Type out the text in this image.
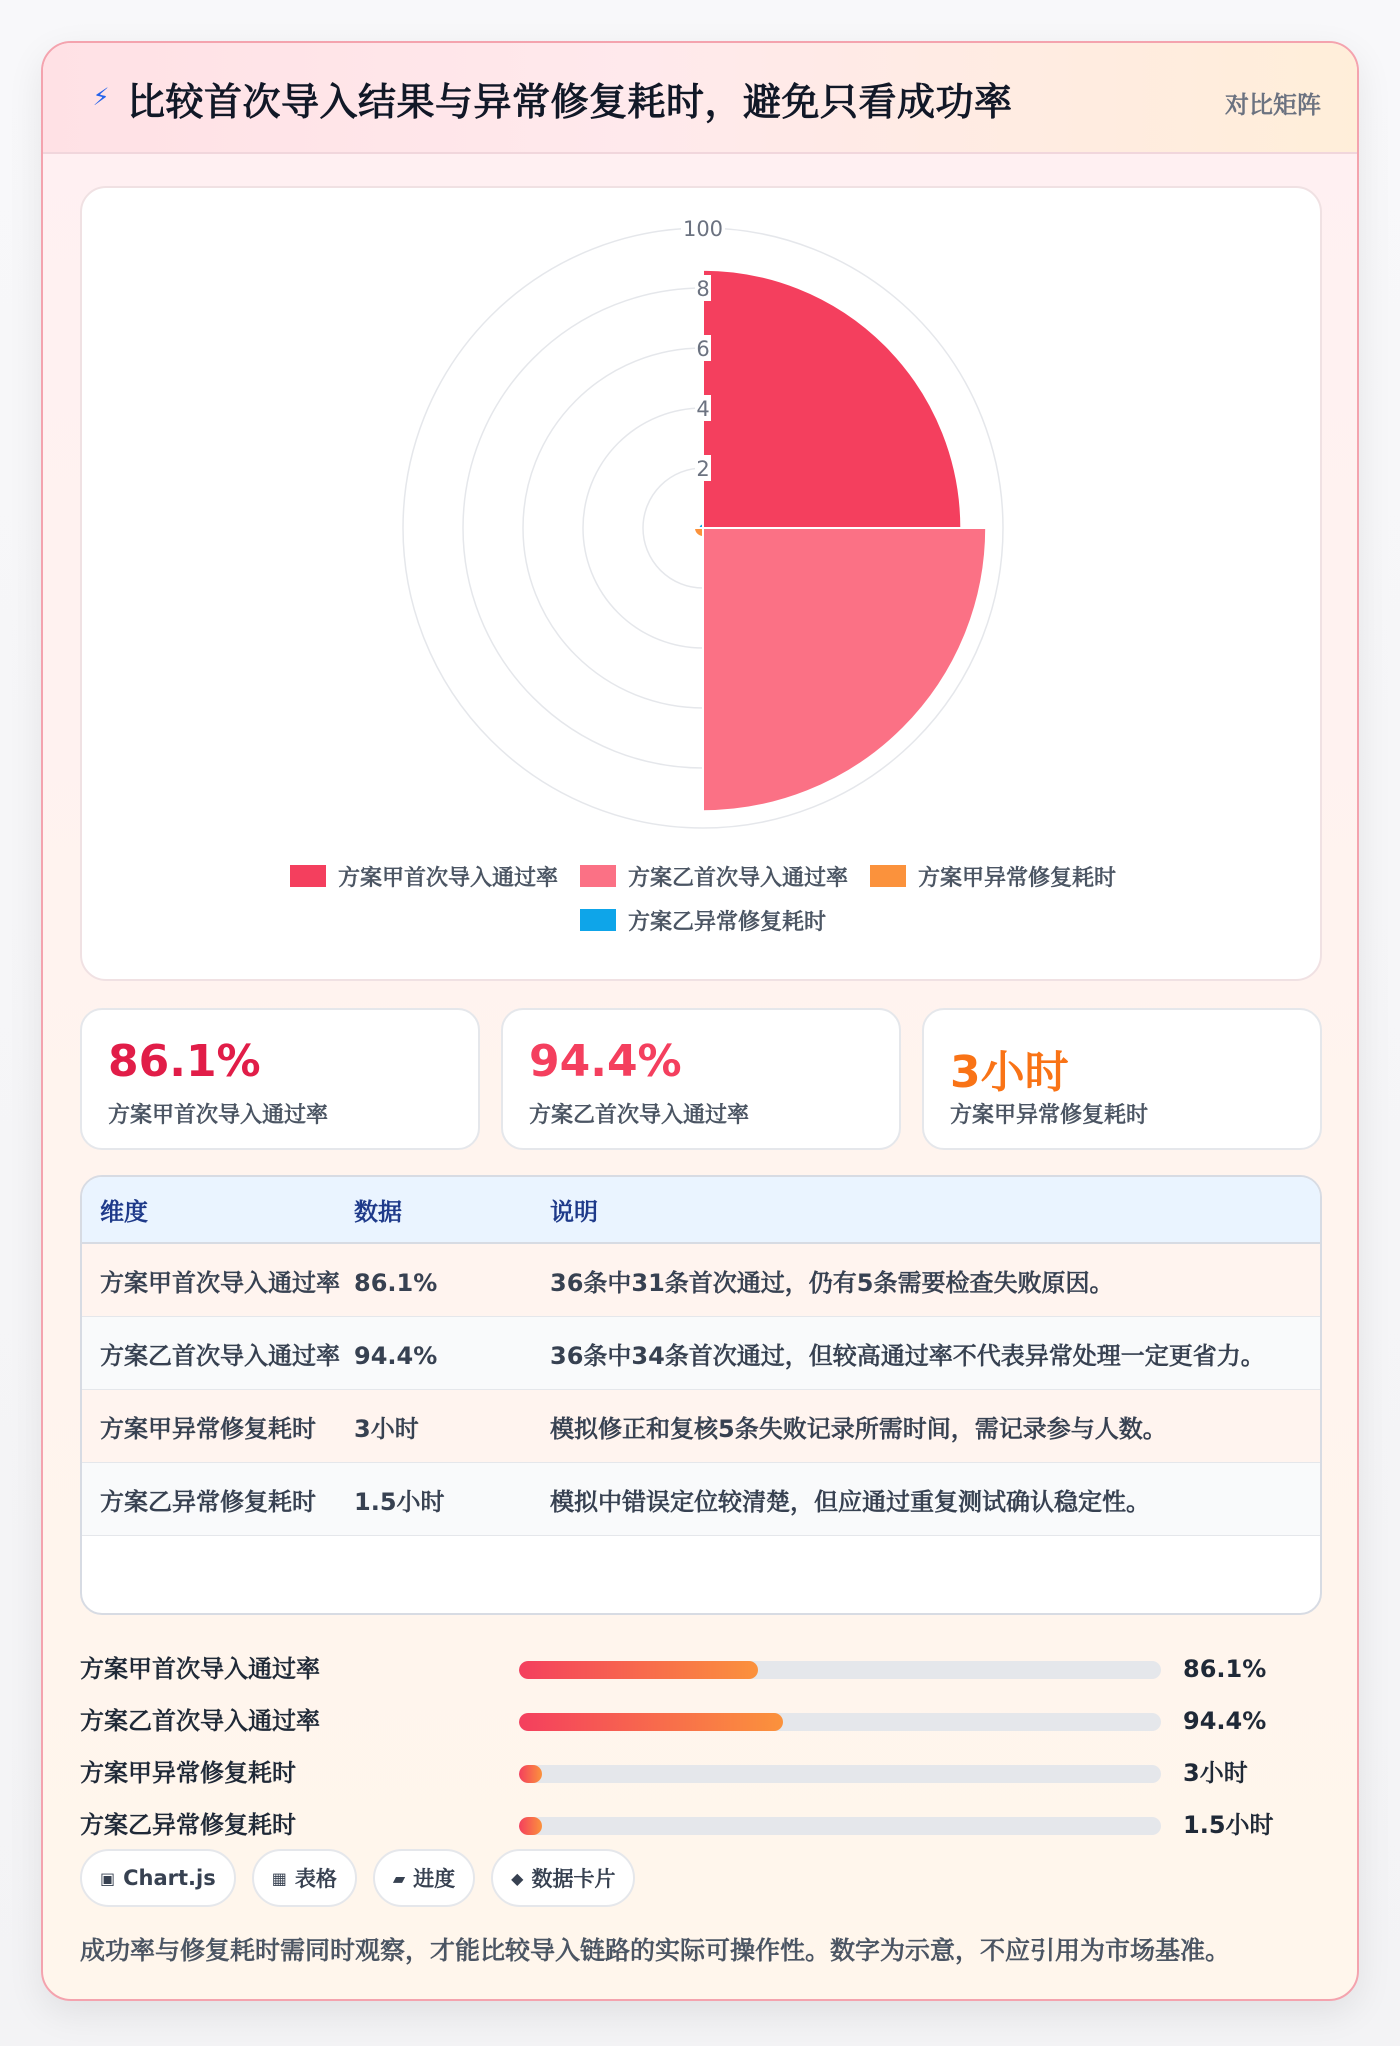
⚡ 比较首次导入结果与异常修复耗时，避免只看成功率	对比矩阵
100
8
6
4
2
方案甲首次导入通过率	方案乙首次导入通过率	方案甲异常修复耗时
方案乙异常修复耗时
86.1%
方案甲首次导入通过率
94.4%
方案乙首次导入通过率
3小时
方案甲异常修复耗时
维度	数据	说明
方案甲首次导入通过率	86.1%	36条中31条首次通过，仍有5条需要检查失败原因。
方案乙首次导入通过率	94.4%	36条中34条首次通过，但较高通过率不代表异常处理一定更省力。
方案甲异常修复耗时	3小时	模拟修正和复核5条失败记录所需时间，需记录参与人数。
方案乙异常修复耗时	1.5小时	模拟中错误定位较清楚，但应通过重复测试确认稳定性。
方案甲首次导入通过率	86.1%
方案乙首次导入通过率	94.4%
方案甲异常修复耗时	3小时
方案乙异常修复耗时	1.5小时
▣ Chart.js	▦ 表格	▰ 进度	◆ 数据卡片
成功率与修复耗时需同时观察，才能比较导入链路的实际可操作性。数字为示意，不应引用为市场基准。
